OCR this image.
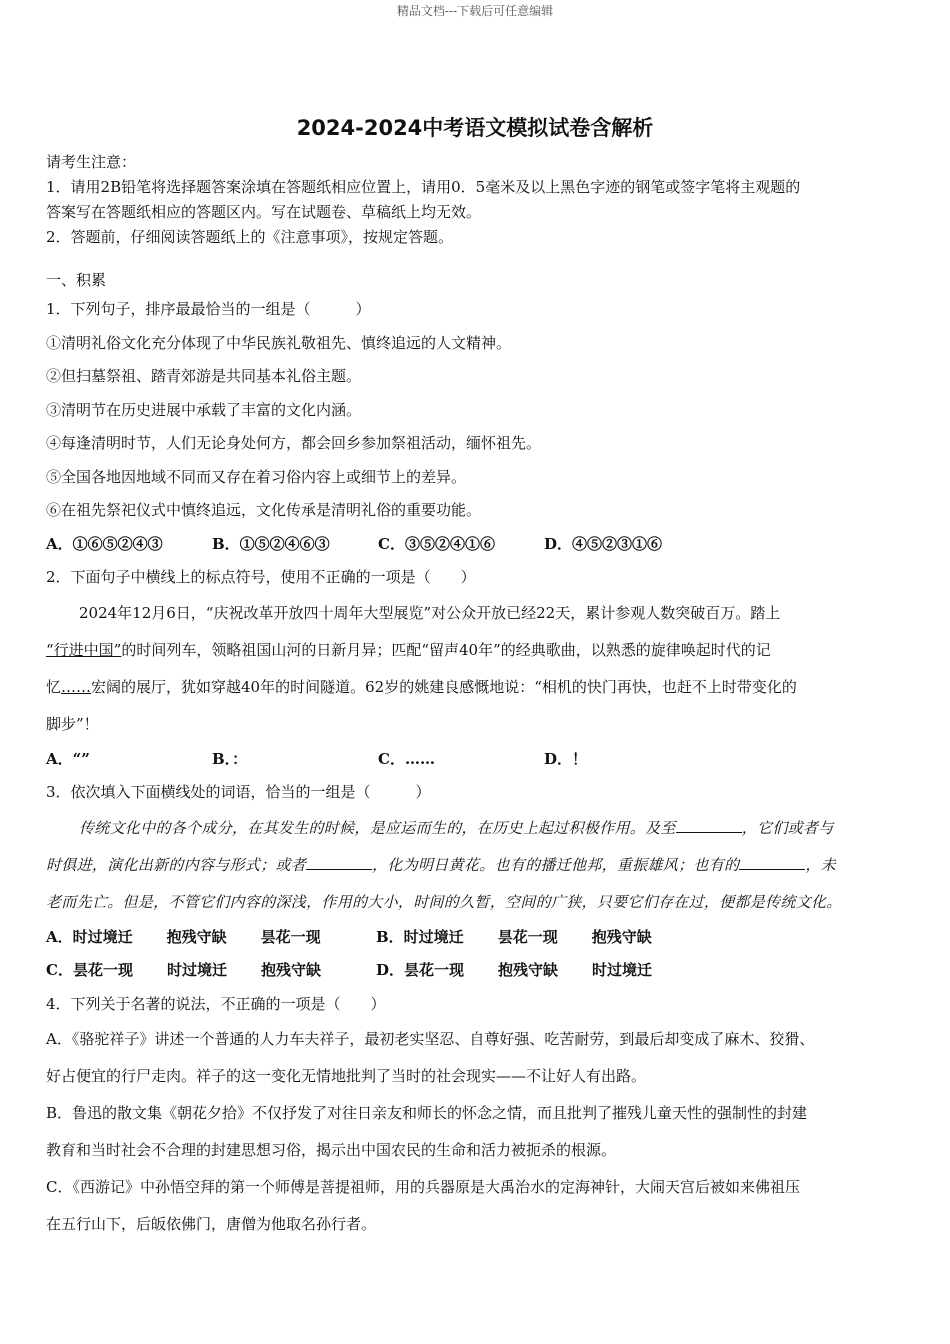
精品文档---下载后可任意编辑
2024-2024中考语文模拟试卷含解析

请考生注意：

1．请用2B铅笔将选择题答案涂填在答题纸相应位置上，请用0．5毫米及以上黑色字迹的钢笔或签字笔将主观题的

答案写在答题纸相应的答题区内。写在试题卷、草稿纸上均无效。

2．答题前，仔细阅读答题纸上的《注意事项》，按规定答题。

一、积累

1．下列句子，排序最最恰当的一组是（　　　）

①清明礼俗文化充分体现了中华民族礼敬祖先、慎终追远的人文精神。

②但扫墓祭祖、踏青郊游是共同基本礼俗主题。

③清明节在历史进展中承载了丰富的文化内涵。

④每逢清明时节，人们无论身处何方，都会回乡参加祭祖活动，缅怀祖先。

⑤全国各地因地域不同而又存在着习俗内容上或细节上的差异。

⑥在祖先祭祀仪式中慎终追远，文化传承是清明礼俗的重要功能。

A．①⑥⑤②④③	B．①⑤②④⑥③	C．③⑤②④①⑥	D．④⑤②③①⑥

2．下面句子中横线上的标点符号，使用不 ·正 ·确 ·的一项是（　　）

2024年12月6日，“庆祝改革开放四十周年大型展览”对公众开放已经22天，累计参观人数突破百万。踏上

“行进中国”的时间列车，领略祖国山河的日新月异；匹配“留声40年”的经典歌曲，以熟悉的旋律唤起时代的记

忆……宏阔的展厅，犹如穿越40年的时间隧道。62岁的姚建良感慨地说：“相机的快门再快，也赶不上时带变化的

脚步”！

A．“”	B．：	C．……	D．！

3．依次填入下面横线处的词语，恰当的一组是（　　　）

传统文化中的各个成分，在其发生的时候，是应运而生的，在历史上起过积极作用。及至	，它们或者与

时俱进，演化出新的内容与形式；或者	，化为明日黄花。也有的播迁他邦，重振雄风；也有的	，未

老而先亡。但是，不管它们内容的深浅，作用的大小，时间的久暂，空间的广狭，只要它们存在过，便都是传统文化。

A．时过境迁 抱残守缺 昙花一现	B．时过境迁 昙花一现 抱残守缺
C．昙花一现 时过境迁 抱残守缺	D．昙花一现 抱残守缺 时过境迁

4．下列关于名著的说法，不正确的一项是（　　）

A．《骆驼祥子》讲述一个普通的人力车夫祥子，最初老实坚忍、自尊好强、吃苦耐劳，到最后却变成了麻木、狡猾、

好占便宜的行尸走肉。祥子的这一变化无情地批判了当时的社会现实——不让好人有出路。

B．鲁迅的散文集《朝花夕拾》不仅抒发了对往日亲友和师长的怀念之情，而且批判了摧残儿童天性的强制性的封建

教育和当时社会不合理的封建思想习俗，揭示出中国农民的生命和活力被扼杀的根源。

C．《西游记》中孙悟空拜的第一个师傅是菩提祖师，用的兵器原是大禹治水的定海神针，大闹天宫后被如来佛祖压

在五行山下，后皈依佛门，唐僧为他取名孙行者。
